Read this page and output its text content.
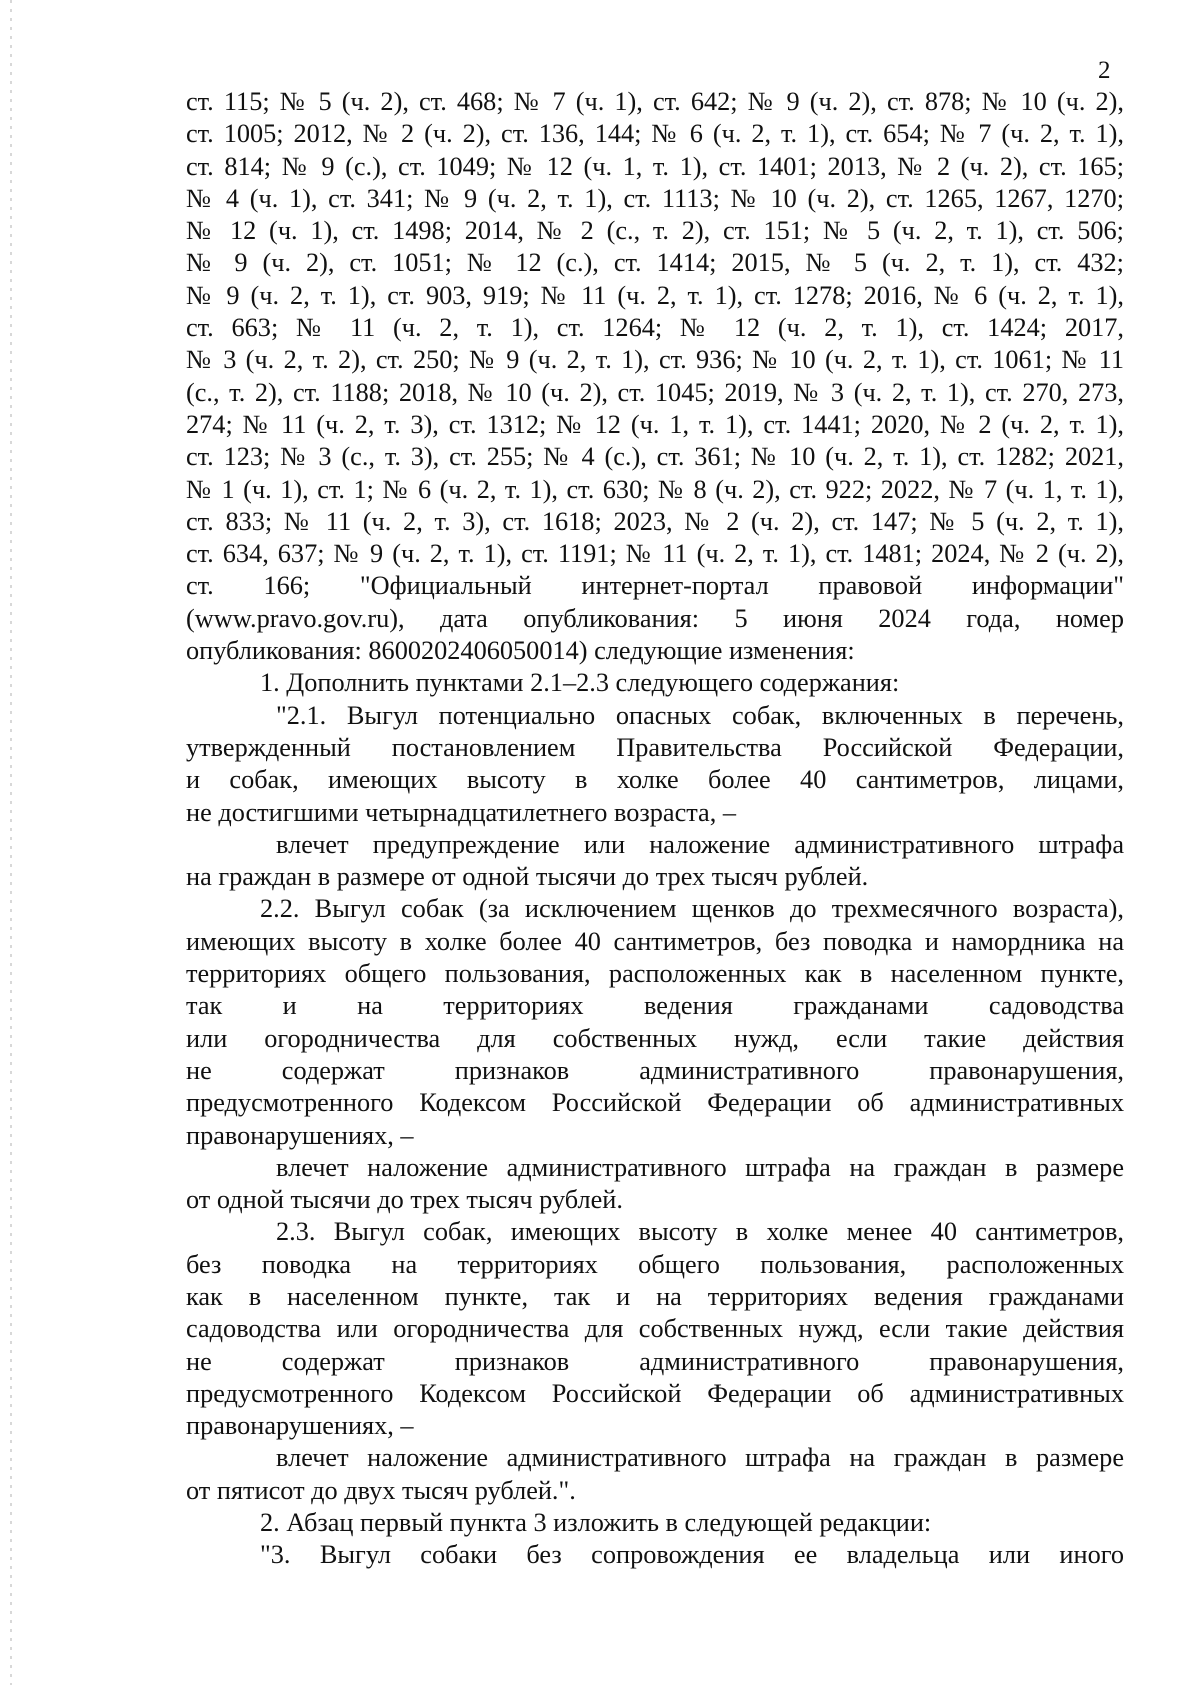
2

ст. 115; № 5 (ч. 2), ст. 468; № 7 (ч. 1), ст. 642; № 9 (ч. 2), ст. 878; № 10 (ч. 2),

ст. 1005; 2012, № 2 (ч. 2), ст. 136, 144; № 6 (ч. 2, т. 1), ст. 654; № 7 (ч. 2, т. 1),

ст. 814; № 9 (с.), ст. 1049; № 12 (ч. 1, т. 1), ст. 1401; 2013, № 2 (ч. 2), ст. 165;

№ 4 (ч. 1), ст. 341; № 9 (ч. 2, т. 1), ст. 1113; № 10 (ч. 2), ст. 1265, 1267, 1270;

№ 12 (ч. 1), ст. 1498; 2014, № 2 (с., т. 2), ст. 151; № 5 (ч. 2, т. 1), ст. 506;

№ 9 (ч. 2), ст. 1051; № 12 (с.), ст. 1414; 2015, № 5 (ч. 2, т. 1), ст. 432;

№ 9 (ч. 2, т. 1), ст. 903, 919; № 11 (ч. 2, т. 1), ст. 1278; 2016, № 6 (ч. 2, т. 1),

ст. 663; № 11 (ч. 2, т. 1), ст. 1264; № 12 (ч. 2, т. 1), ст. 1424; 2017,

№ 3 (ч. 2, т. 2), ст. 250; № 9 (ч. 2, т. 1), ст. 936; № 10 (ч. 2, т. 1), ст. 1061; № 11

(с., т. 2), ст. 1188; 2018, № 10 (ч. 2), ст. 1045; 2019, № 3 (ч. 2, т. 1), ст. 270, 273,

274; № 11 (ч. 2, т. 3), ст. 1312; № 12 (ч. 1, т. 1), ст. 1441; 2020, № 2 (ч. 2, т. 1),

ст. 123; № 3 (с., т. 3), ст. 255; № 4 (с.), ст. 361; № 10 (ч. 2, т. 1), ст. 1282; 2021,

№ 1 (ч. 1), ст. 1; № 6 (ч. 2, т. 1), ст. 630; № 8 (ч. 2), ст. 922; 2022, № 7 (ч. 1, т. 1),

ст. 833; № 11 (ч. 2, т. 3), ст. 1618; 2023, № 2 (ч. 2), ст. 147; № 5 (ч. 2, т. 1),

ст. 634, 637; № 9 (ч. 2, т. 1), ст. 1191; № 11 (ч. 2, т. 1), ст. 1481; 2024, № 2 (ч. 2),

ст. 166; "Официальный интернет-портал правовой информации"

(www.pravo.gov.ru), дата опубликования: 5 июня 2024 года, номер

опубликования: 8600202406050014) следующие изменения:

1. Дополнить пунктами 2.1–2.3 следующего содержания:

"2.1. Выгул потенциально опасных собак, включенных в перечень,

утвержденный постановлением Правительства Российской Федерации,

и собак, имеющих высоту в холке более 40 сантиметров, лицами,

не достигшими четырнадцатилетнего возраста, –

влечет предупреждение или наложение административного штрафа

на граждан в размере от одной тысячи до трех тысяч рублей.

2.2. Выгул собак (за исключением щенков до трехмесячного возраста),

имеющих высоту в холке более 40 сантиметров, без поводка и намордника на

территориях общего пользования, расположенных как в населенном пункте,

так и на территориях ведения гражданами садоводства

или огородничества для собственных нужд, если такие действия

не содержат признаков административного правонарушения,

предусмотренного Кодексом Российской Федерации об административных

правонарушениях, –

влечет наложение административного штрафа на граждан в размере

от одной тысячи до трех тысяч рублей.

2.3. Выгул собак, имеющих высоту в холке менее 40 сантиметров,

без поводка на территориях общего пользования, расположенных

как в населенном пункте, так и на территориях ведения гражданами

садоводства или огородничества для собственных нужд, если такие действия

не содержат признаков административного правонарушения,

предусмотренного Кодексом Российской Федерации об административных

правонарушениях, –

влечет наложение административного штрафа на граждан в размере

от пятисот до двух тысяч рублей.".

2. Абзац первый пункта 3 изложить в следующей редакции:

"3. Выгул собаки без сопровождения ее владельца или иного
